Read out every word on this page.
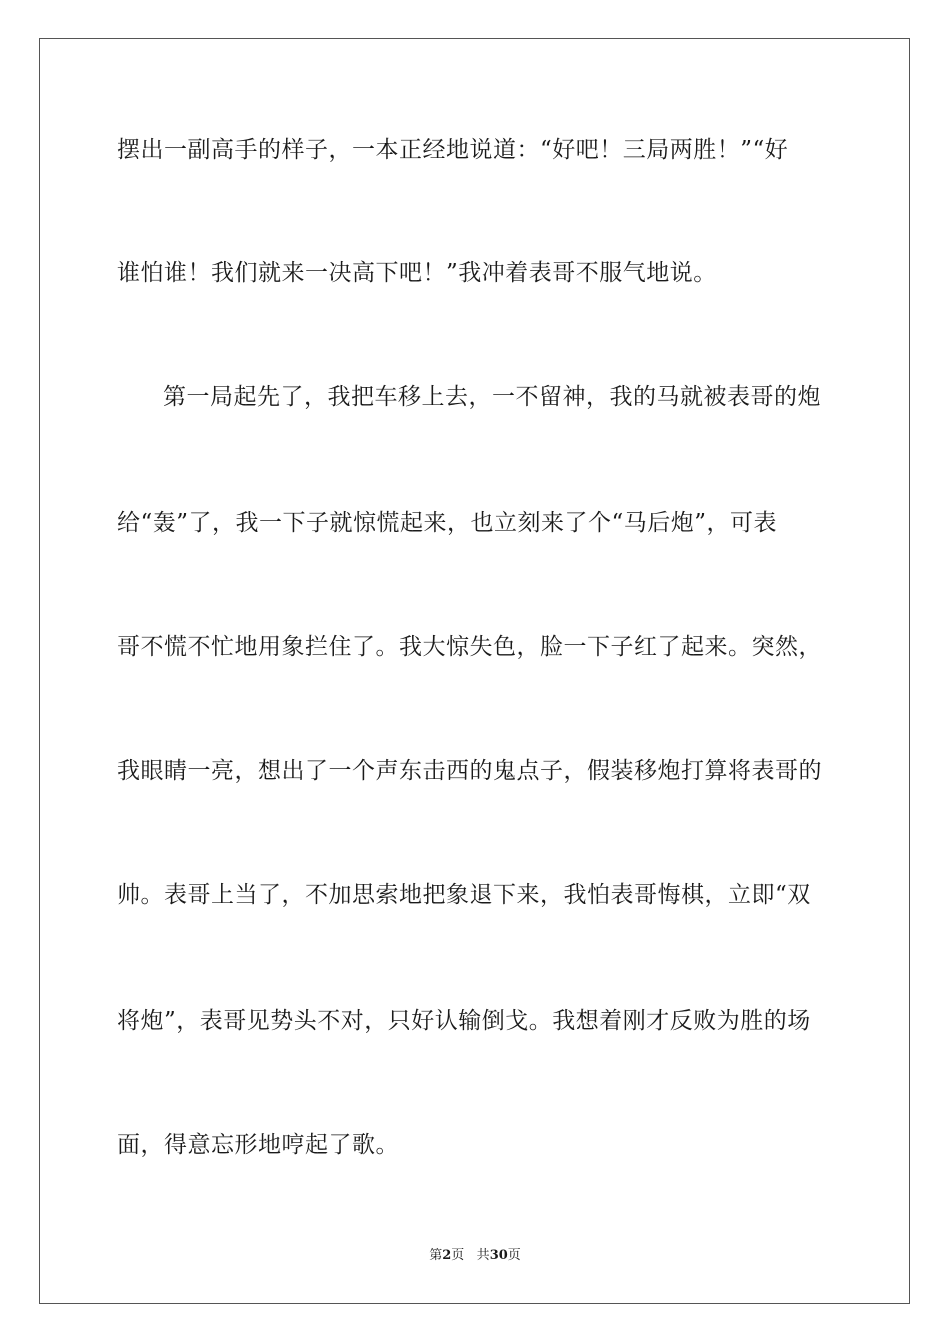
摆出一副高手的样子，一本正经地说道：“好吧！三局两胜！”“好
谁怕谁！我们就来一决高下吧！”我冲着表哥不服气地说。
第一局起先了，我把车移上去，一不留神，我的马就被表哥的炮
给“轰”了，我一下子就惊慌起来，也立刻来了个“马后炮”，可表
哥不慌不忙地用象拦住了。我大惊失色，脸一下子红了起来。突然，
我眼睛一亮，想出了一个声东击西的鬼点子，假装移炮打算将表哥的
帅。表哥上当了，不加思索地把象退下来，我怕表哥悔棋，立即“双
将炮”，表哥见势头不对，只好认输倒戈。我想着刚才反败为胜的场
面，得意忘形地哼起了歌。
第2页 共30页
